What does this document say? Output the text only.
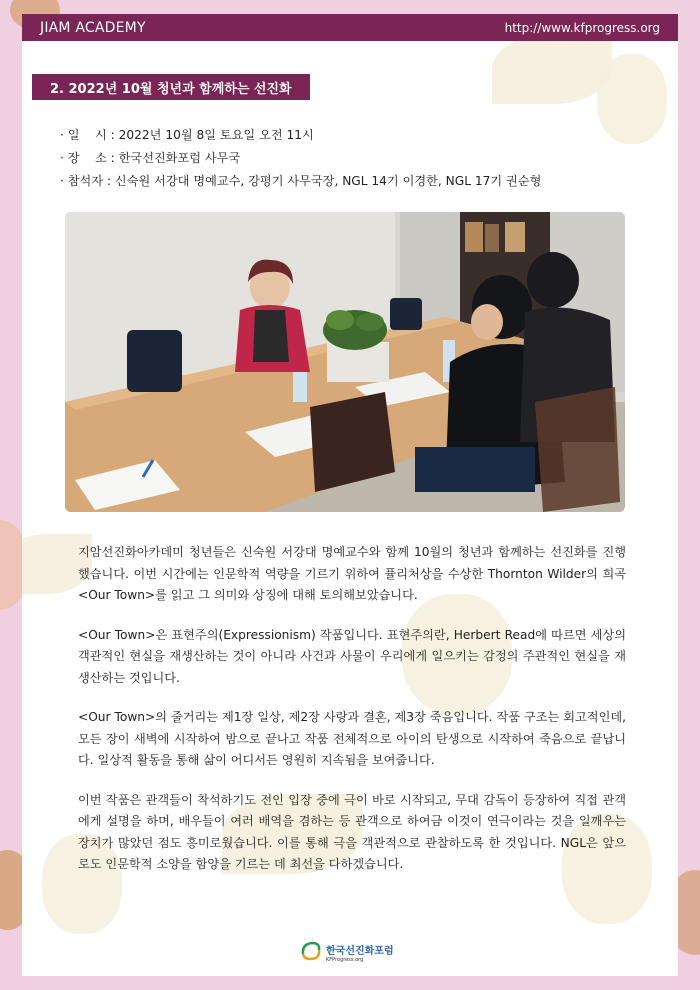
JIAM ACADEMY	http://www.kfprogress.org
2. 2022년 10월 청년과 함께하는 선진화
· 일    시 : 2022년 10월 8일 토요일 오전 11시
· 장    소 : 한국선진화포럼 사무국
· 참석자 : 신숙원 서강대 명예교수, 강평기 사무국장, NGL 14기 이경한, NGL 17기 권순형

지암선진화아카데미 청년들은 신숙원 서강대 명예교수와 함께 10월의 청년과 함께하는 선진화를 진행했습니다. 이번 시간에는 인문학적 역량을 기르기 위하여 퓰리처상을 수상한 Thornton Wilder의 희곡 <Our Town>를 읽고 그 의미와 상징에 대해 토의해보았습니다.

<Our Town>은 표현주의(Expressionism) 작품입니다. 표현주의란, Herbert Read에 따르면 세상의 객관적인 현실을 재생산하는 것이 아니라 사건과 사물이 우리에게 일으키는 감정의 주관적인 현실을 재생산하는 것입니다.

<Our Town>의 줄거리는 제1장 일상, 제2장 사랑과 결혼, 제3장 죽음입니다. 작품 구조는 회고적인데, 모든 장이 새벽에 시작하여 밤으로 끝나고 작품 전체적으로 아이의 탄생으로 시작하여 죽음으로 끝납니다. 일상적 활동을 통해 삶이 어디서든 영원히 지속됨을 보여줍니다.

이번 작품은 관객들이 착석하기도 전인 입장 중에 극이 바로 시작되고, 무대 감독이 등장하여 직접 관객에게 설명을 하며, 배우들이 여러 배역을 겸하는 등 관객으로 하여금 이것이 연극이라는 것을 일깨우는 장치가 많았던 점도 흥미로웠습니다. 이를 통해 극을 객관적으로 관찰하도록 한 것입니다. NGL은 앞으로도 인문학적 소양을 함양을 기르는 데 최선을 다하겠습니다.

한국선진화포럼
KFProgress.org
